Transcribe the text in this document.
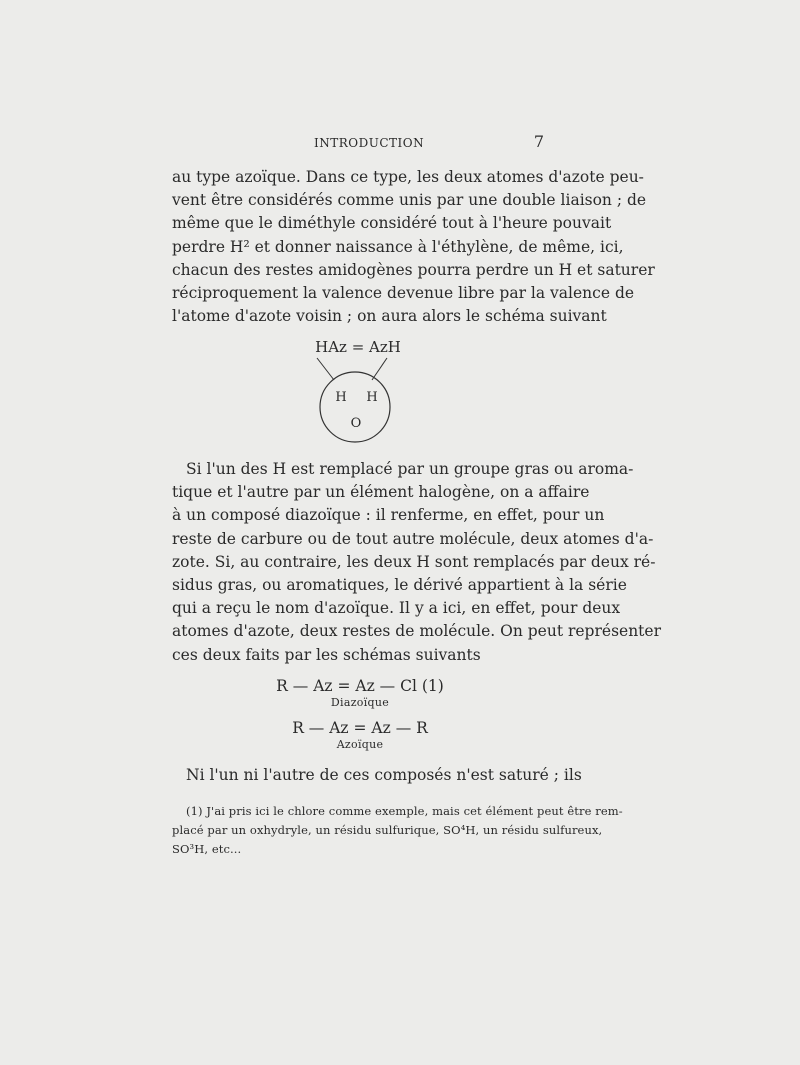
INTRODUCTION	7
au type azoïque. Dans ce type, les deux atomes d'azote peu-
vent être considérés comme unis par une double liaison ; de
même que le diméthyle considéré tout à l'heure pouvait
perdre H² et donner naissance à l'éthylène, de même, ici,
chacun des restes amidogènes pourra perdre un H et saturer
réciproquement la valence devenue libre par la valence de
l'atome d'azote voisin ; on aura alors le schéma suivant
HAz = AzH
H H
O
Si l'un des H est remplacé par un groupe gras ou aroma-
tique et l'autre par un élément halogène, on a affaire
à un composé diazoïque : il renferme, en effet, pour un
reste de carbure ou de tout autre molécule, deux atomes d'a-
zote. Si, au contraire, les deux H sont remplacés par deux ré-
sidus gras, ou aromatiques, le dérivé appartient à la série
qui a reçu le nom d'azoïque. Il y a ici, en effet, pour deux
atomes d'azote, deux restes de molécule. On peut représenter
ces deux faits par les schémas suivants
R — Az = Az — Cl (1)
Diazoïque
R — Az = Az — R
Azoïque
Ni l'un ni l'autre de ces composés n'est saturé ; ils
(1) J'ai pris ici le chlore comme exemple, mais cet élément peut être rem-
placé par un oxhydryle, un résidu sulfurique, SO⁴H, un résidu sulfureux,
SO³H, etc...
